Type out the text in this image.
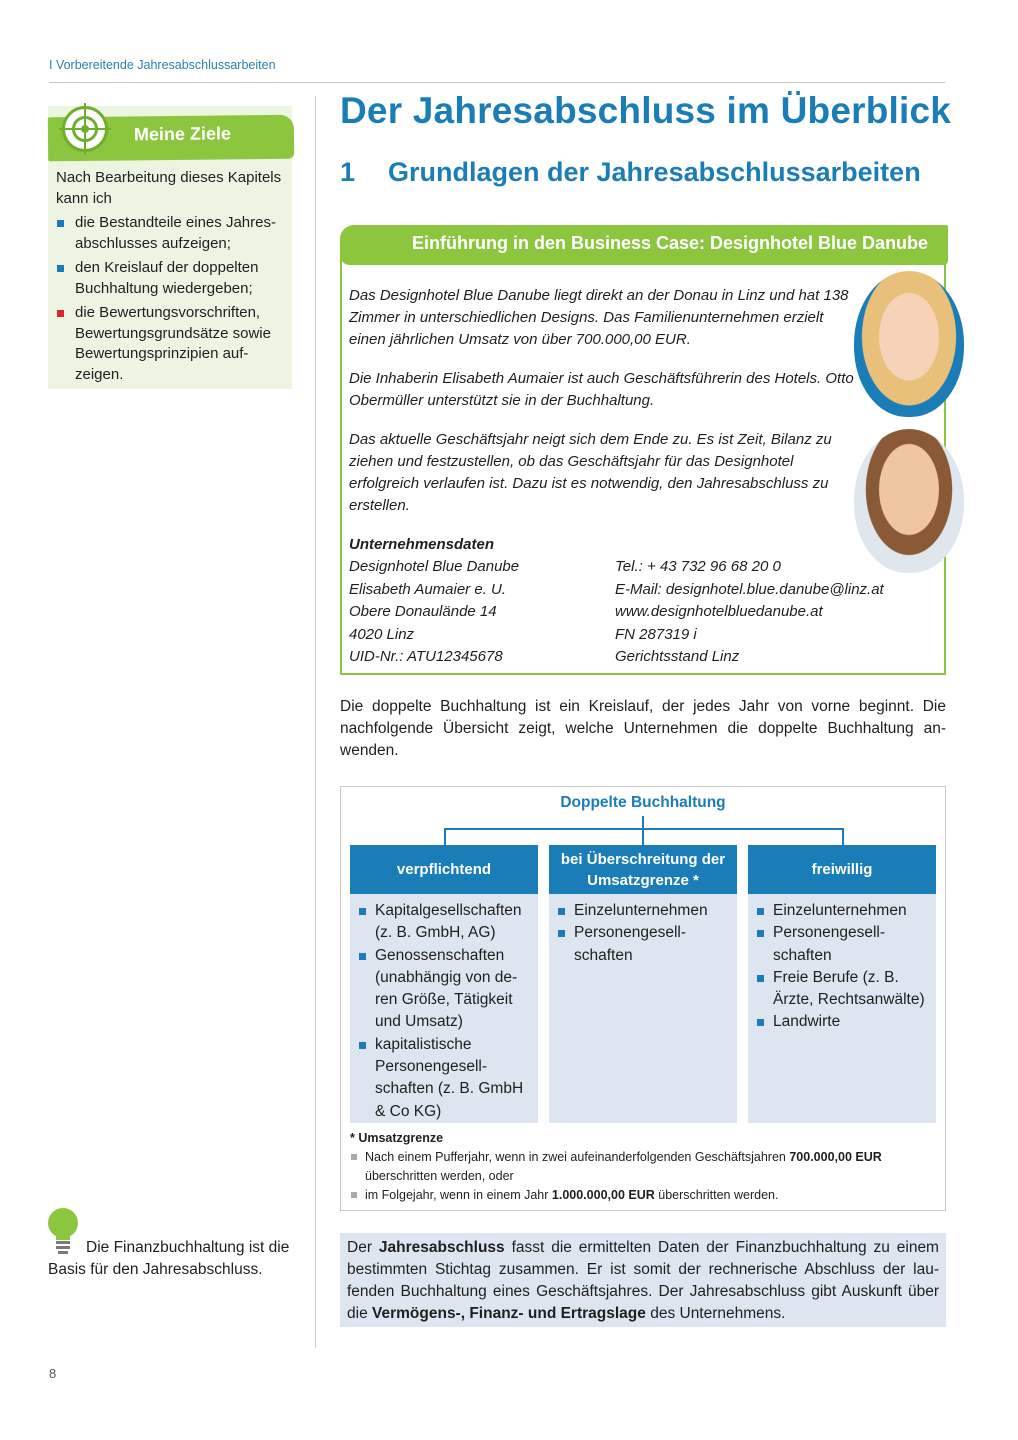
I Vorbereitende Jahresabschlussarbeiten
Meine Ziele
Nach Bearbeitung dieses Kapitels kann ich
die Bestandteile eines Jahres-abschlusses aufzeigen;
den Kreislauf der doppelten Buchhaltung wiedergeben;
die Bewertungsvorschriften, Bewertungsgrundsätze sowie Bewertungsprinzipien auf-zeigen.
Der Jahresabschluss im Überblick
1 Grundlagen der Jahresabschlussarbeiten
Einführung in den Business Case: Designhotel Blue Danube ...

Das Designhotel Blue Danube liegt direkt an der Donau in Linz und hat 138 Zimmer in unterschiedlichen Designs. Das Familienunternehmen erzielt einen jährlichen Umsatz von über 700.000,00 EUR.

Die Inhaberin Elisabeth Aumaier ist auch Geschäftsführerin des Hotels. Otto Obermüller unterstützt sie in der Buchhaltung.

Das aktuelle Geschäftsjahr neigt sich dem Ende zu. Es ist Zeit, Bilanz zu ziehen und festzustellen, ob das Geschäftsjahr für das Designhotel erfolgreich verlaufen ist. Dazu ist es notwendig, den Jahresabschluss zu erstellen.

Unternehmensdaten
Designhotel Blue Danube
Elisabeth Aumaier e. U.
Obere Donaulände 14
4020 Linz
UID-Nr.: ATU12345678
Tel.: + 43 732 96 68 20 0
E-Mail: designhotel.blue.danube@linz.at
www.designhotelbluedanube.at
FN 287319 i
Gerichtsstand Linz

Die doppelte Buchhaltung ist ein Kreislauf, der jedes Jahr von vorne beginnt. Die nachfolgende Übersicht zeigt, welche Unternehmen die doppelte Buchhaltung an-wenden.

Doppelte Buchhaltung
verpflichtend
Kapitalgesellschaften (z. B. GmbH, AG)
Genossenschaften (unabhängig von de-ren Größe, Tätigkeit und Umsatz)
kapitalistische Personengesell-schaften (z. B. GmbH & Co KG)
bei Überschreitung der Umsatzgrenze *
Einzelunternehmen
Personengesell-schaften
freiwillig
Einzelunternehmen
Personengesell-schaften
Freie Berufe (z. B. Ärzte, Rechtsanwälte)
Landwirte
* Umsatzgrenze
Nach einem Pufferjahr, wenn in zwei aufeinanderfolgenden Geschäftsjahren 700.000,00 EUR überschritten werden, oder
im Folgejahr, wenn in einem Jahr 1.000.000,00 EUR überschritten werden.

Der Jahresabschluss fasst die ermittelten Daten der Finanzbuchhaltung zu einem bestimmten Stichtag zusammen. Er ist somit der rechnerische Abschluss der lau-fenden Buchhaltung eines Geschäftsjahres. Der Jahresabschluss gibt Auskunft über die Vermögens-, Finanz- und Ertragslage des Unternehmens.

Die Finanzbuchhaltung ist die Basis für den Jahresabschluss.

8
